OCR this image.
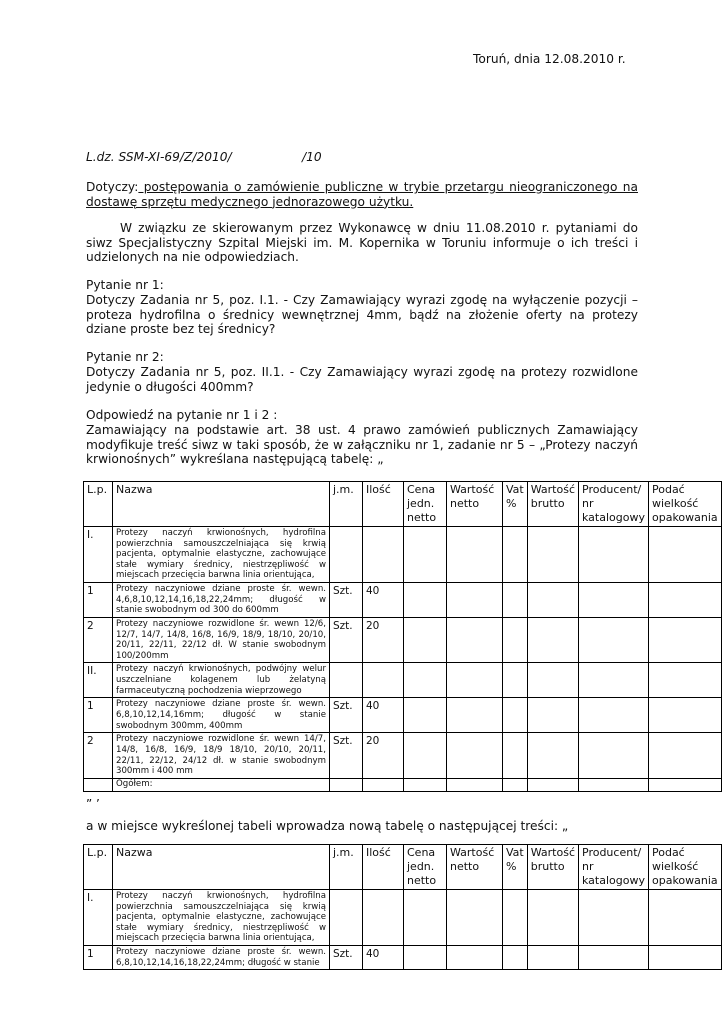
Toruń, dnia 12.08.2010 r.
L.dz. SSM-XI-69/Z/2010/	/10
Dotyczy: postępowania o zamówienie publiczne w trybie przetargu nieograniczonego na dostawę sprzętu medycznego jednorazowego użytku.
W związku ze skierowanym przez Wykonawcę w dniu 11.08.2010 r. pytaniami do siwz Specjalistyczny Szpital Miejski im. M. Kopernika w Toruniu informuje o ich treści i udzielonych na nie odpowiedziach.
Pytanie nr 1:
Dotyczy Zadania nr 5, poz. I.1. - Czy Zamawiający wyrazi zgodę na wyłączenie pozycji – proteza hydrofilna o średnicy wewnętrznej 4mm, bądź na złożenie oferty na protezy dziane proste bez tej średnicy?
Pytanie nr 2:
Dotyczy Zadania nr 5, poz. II.1. - Czy Zamawiający wyrazi zgodę na protezy rozwidlone jedynie o długości 400mm?
Odpowiedź na pytanie nr 1 i 2 :
Zamawiający na podstawie art. 38 ust. 4 prawo zamówień publicznych Zamawiający modyfikuje treść siwz w taki sposób, że w załączniku nr 1, zadanie nr 5 – „Protezy naczyń krwionośnych” wykreślana następującą tabelę: „
L.p.	Nazwa	j.m.	Ilość	Cena jedn. netto	Wartość netto	Vat %	Wartość brutto	Producent/ nr katalogowy	Podać wielkość opakowania
I.	Protezy naczyń krwionośnych, hydrofilna powierzchnia samouszczelniająca się krwią pacjenta, optymalnie elastyczne, zachowujące stałe wymiary średnicy, niestrzępliwość w miejscach przecięcia barwna linia orientująca,								
1	Protezy naczyniowe dziane proste śr. wewn. 4,6,8,10,12,14,16,18,22,24mm; długość w stanie swobodnym od 300 do 600mm	Szt.	40						
2	Protezy naczyniowe rozwidlone śr. wewn 12/6, 12/7, 14/7, 14/8, 16/8, 16/9, 18/9, 18/10, 20/10, 20/11, 22/11, 22/12 dł. W stanie swobodnym 100/200mm	Szt.	20						
II.	Protezy naczyń krwionośnych, podwójny welur uszczelniane kolagenem lub żelatyną farmaceutyczną pochodzenia wieprzowego								
1	Protezy naczyniowe dziane proste śr. wewn. 6,8,10,12,14,16mm; długość w stanie swobodnym 300mm, 400mm	Szt.	40						
2	Protezy naczyniowe rozwidlone śr. wewn 14/7, 14/8, 16/8, 16/9, 18/9 18/10, 20/10, 20/11, 22/11, 22/12, 24/12 dł. w stanie swobodnym 300mm i 400 mm	Szt.	20						
	Ogółem:								
” ’
a w miejsce wykreślonej tabeli wprowadza nową tabelę o następującej treści: „
L.p.	Nazwa	j.m.	Ilość	Cena jedn. netto	Wartość netto	Vat %	Wartość brutto	Producent/ nr katalogowy	Podać wielkość opakowania
I.	Protezy naczyń krwionośnych, hydrofilna powierzchnia samouszczelniająca się krwią pacjenta, optymalnie elastyczne, zachowujące stałe wymiary średnicy, niestrzępliwość w miejscach przecięcia barwna linia orientująca,								
1	Protezy naczyniowe dziane proste śr. wewn. 6,8,10,12,14,16,18,22,24mm; długość w stanie	Szt.	40						
